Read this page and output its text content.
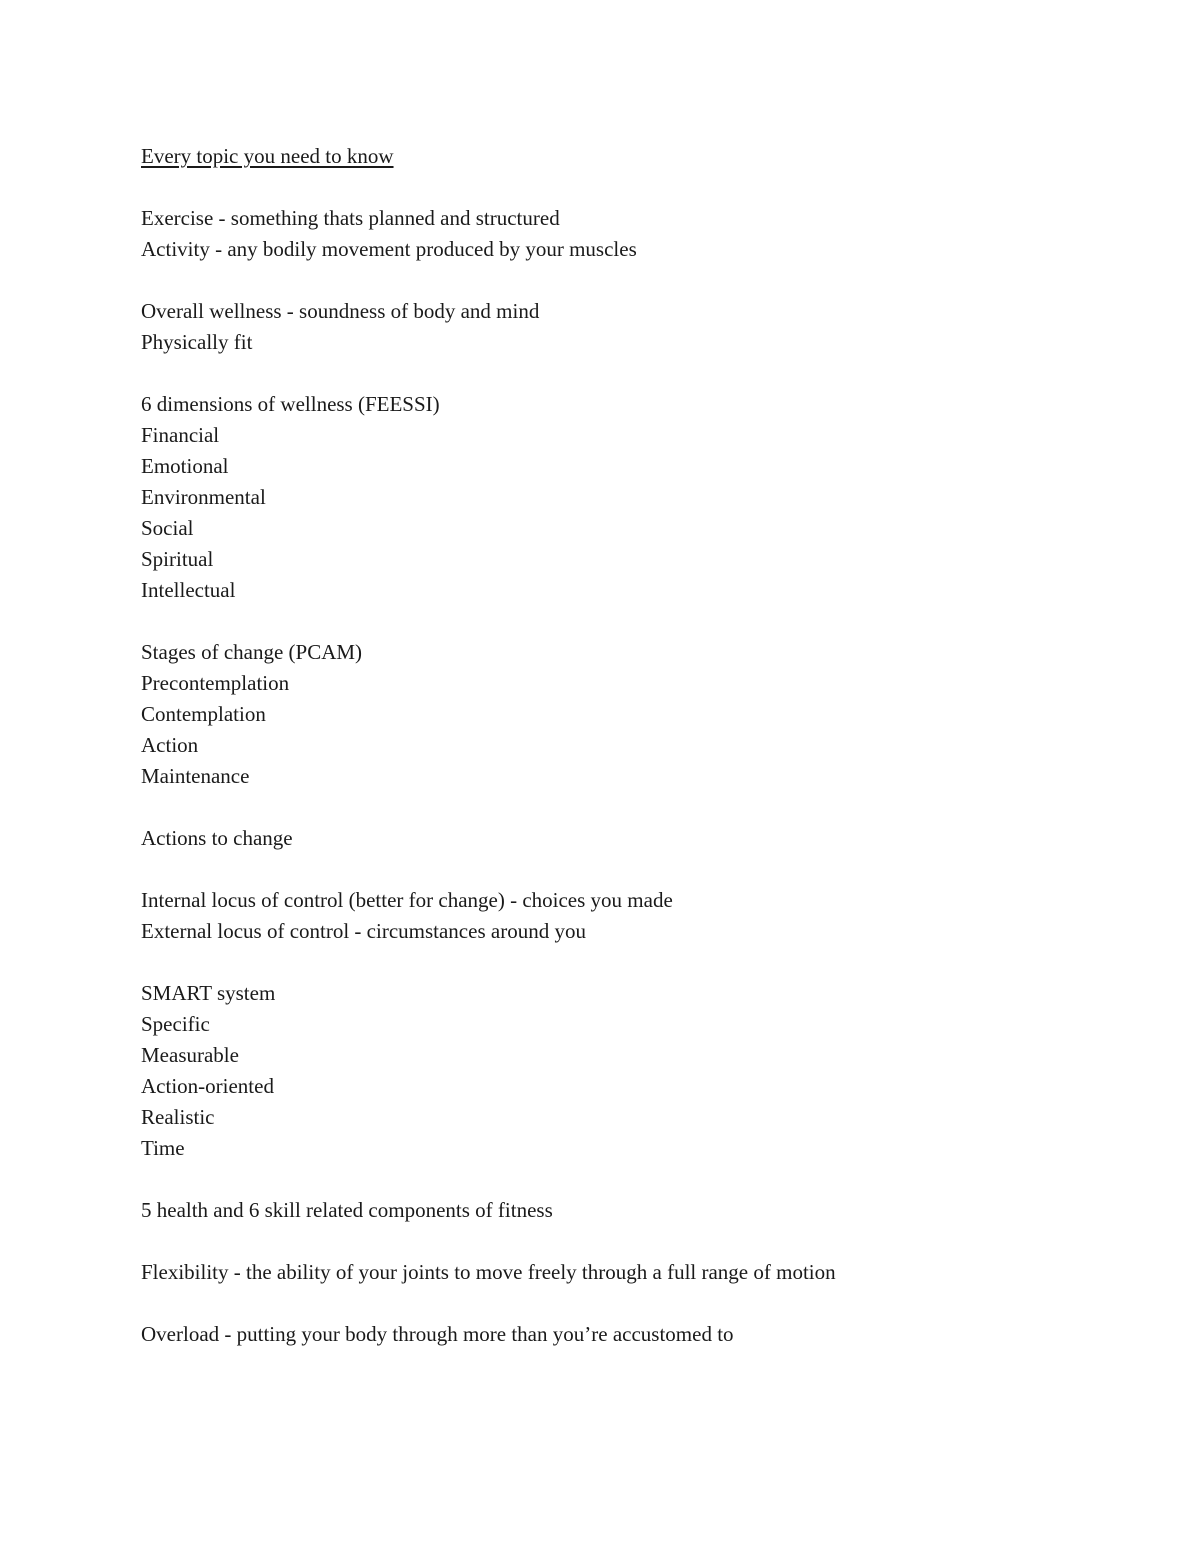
Every topic you need to know
Exercise - something thats planned and structured
Activity - any bodily movement produced by your muscles
Overall wellness - soundness of body and mind
Physically fit
6 dimensions of wellness (FEESSI)
Financial
Emotional
Environmental
Social
Spiritual
Intellectual
Stages of change (PCAM)
Precontemplation
Contemplation
Action
Maintenance
Actions to change
Internal locus of control (better for change) - choices you made
External locus of control - circumstances around you
SMART system
Specific
Measurable
Action-oriented
Realistic
Time
5 health and 6 skill related components of fitness
Flexibility - the ability of your joints to move freely through a full range of motion
Overload - putting your body through more than you’re accustomed to
